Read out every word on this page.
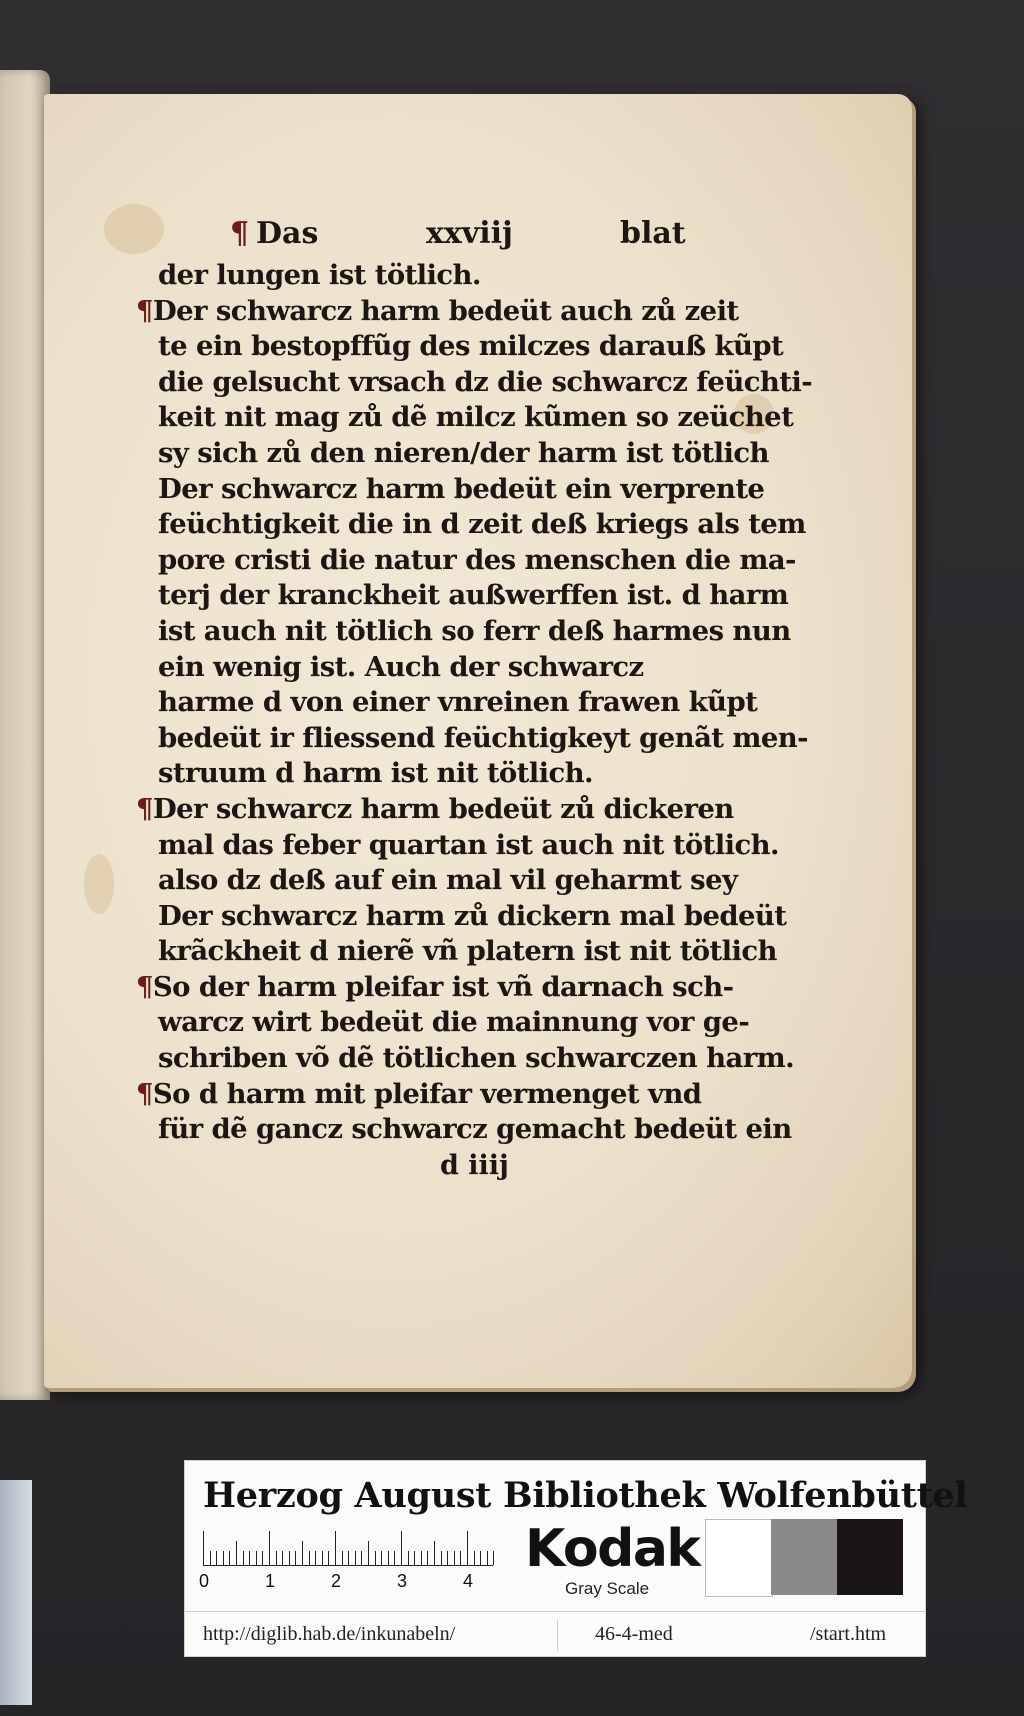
¶ Das	xxviij	blat
der lungen ist tötlich.
¶Der schwarcz harm bedeüt auch zů zeit
te ein bestopffũg des milczes darauß kũpt
die gelsucht vrsach dz die schwarcz feüchti-
keit nit mag zů dẽ milcz kũmen so zeüchet
sy sich zů den nieren/der harm ist tötlich
Der schwarcz harm bedeüt ein verprente
feüchtigkeit die in d zeit deß kriegs als tem
pore cristi die natur des menschen die ma-
terj der kranckheit außwerffen ist. d harm
ist auch nit tötlich so ferr deß harmes nun
ein wenig ist. Auch der schwarcz
harme d von einer vnreinen frawen kũpt
bedeüt ir fliessend feüchtigkeyt genãt men-
struum d harm ist nit tötlich.
¶Der schwarcz harm bedeüt zů dickeren
mal das feber quartan ist auch nit tötlich.
also dz deß auf ein mal vil geharmt sey
Der schwarcz harm zů dickern mal bedeüt
krãckheit d nierẽ vñ platern ist nit tötlich
¶So der harm pleifar ist vñ darnach sch-
warcz wirt bedeüt die mainnung vor ge-
schriben võ dẽ tötlichen schwarczen harm.
¶So d harm mit pleifar vermenget vnd
für dẽ gancz schwarcz gemacht bedeüt ein
d iiij
Herzog August Bibliothek Wolfenbüttel
0	1	2	3	4
Kodak
Gray Scale
http://diglib.hab.de/inkunabeln/	46-4-med	/start.htm
